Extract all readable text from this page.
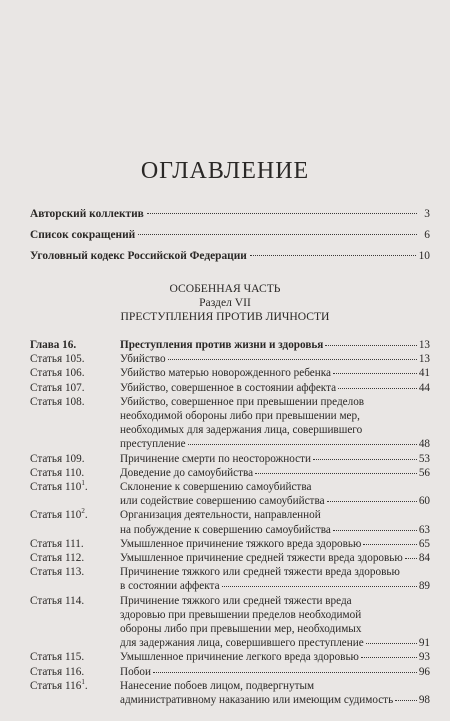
ОГЛАВЛЕНИЕ
Авторский коллектив	3
Список сокращений	6
Уголовный кодекс Российской Федерации	10
ОСОБЕННАЯ ЧАСТЬ
Раздел VII
ПРЕСТУПЛЕНИЯ ПРОТИВ ЛИЧНОСТИ
Глава 16.	Преступления против жизни и здоровья	13
Статья 105.	Убийство	13
Статья 106.	Убийство матерью новорожденного ребенка	41
Статья 107.	Убийство, совершенное в состоянии аффекта	44
Статья 108.	Убийство, совершенное при превышении пределов
необходимой обороны либо при превышении мер,
необходимых для задержания лица, совершившего
преступление	48
Статья 109.	Причинение смерти по неосторожности	53
Статья 110.	Доведение до самоубийства	56
Статья $110^1$.	Склонение к совершению самоубийства
или содействие совершению самоубийства	60
Статья $110^2$.	Организация деятельности, направленной
на побуждение к совершению самоубийства	63
Статья 111.	Умышленное причинение тяжкого вреда здоровью	65
Статья 112.	Умышленное причинение средней тяжести вреда здоровью 84
Статья 113.	Причинение тяжкого или средней тяжести вреда здоровью
в состоянии аффекта	89
Статья 114.	Причинение тяжкого или средней тяжести вреда
здоровью при превышении пределов необходимой
обороны либо при превышении мер, необходимых
для задержания лица, совершившего преступление	91
Статья 115.	Умышленное причинение легкого вреда здоровью	93
Статья 116.	Побои	96
Статья $116^1$.	Нанесение побоев лицом, подвергнутым
административному наказанию или имеющим судимость 98
